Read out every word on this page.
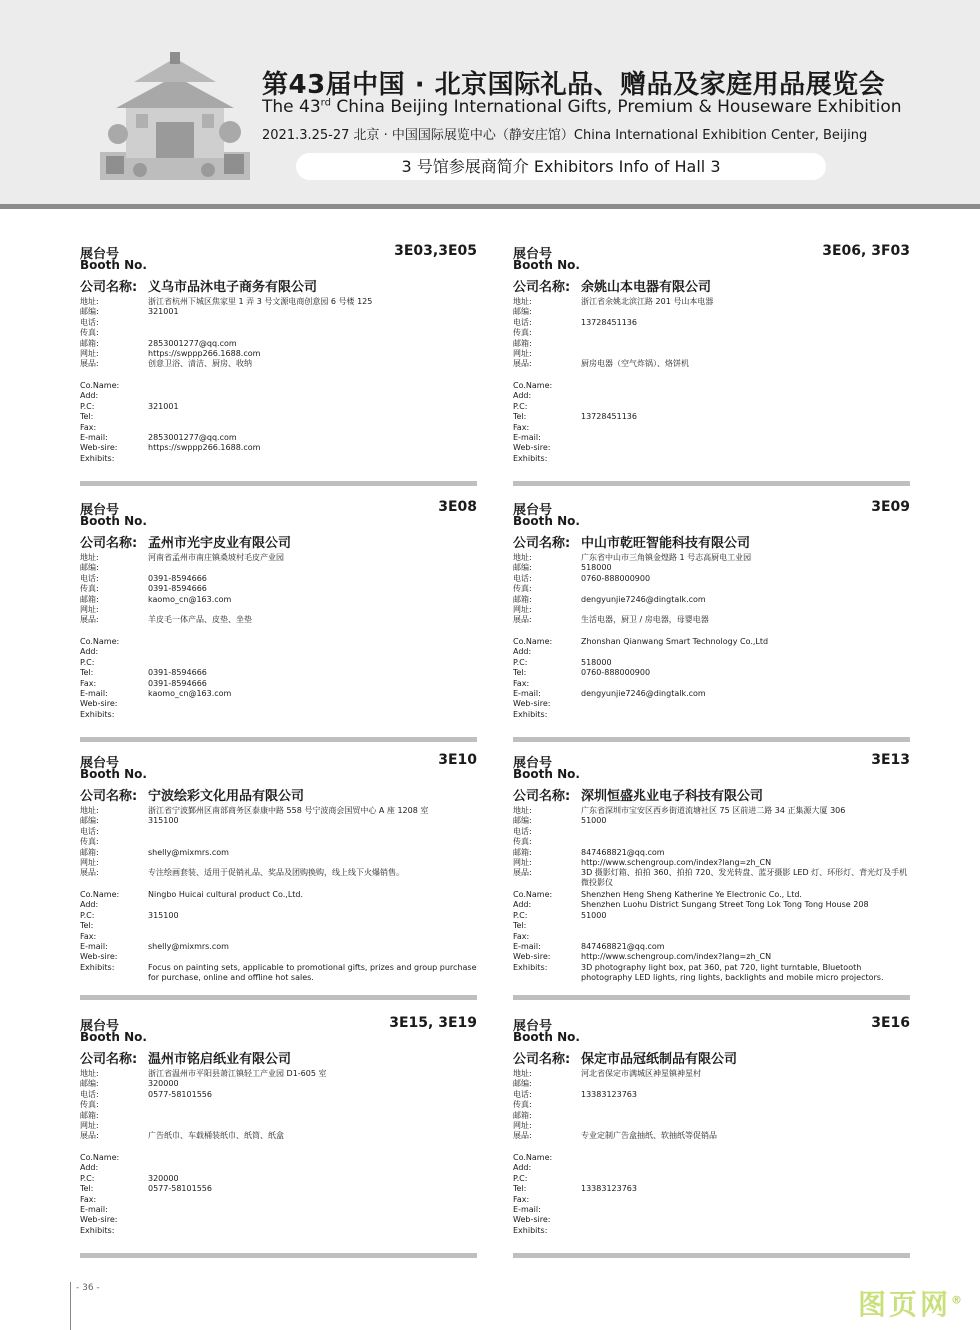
第43届中国 · 北京国际礼品、赠品及家庭用品展览会
The 43rd China Beijing International Gifts, Premium & Houseware Exhibition
2021.3.25-27 北京 · 中国国际展览中心（静安庄馆）China International Exhibition Center, Beijing
3 号馆参展商简介 Exhibitors Info of Hall 3
展台号
Booth No.
3E03,3E05
公司名称: 义乌市品沐电子商务有限公司
地址:	浙江省杭州下城区焦家里 1 弄 3 号文源电商创意园 6 号楼 125
邮编:	321001
电话:
传真:
邮箱:	2853001277@qq.com
网址:	https://swppp266.1688.com
展品:	创意卫浴、清洁、厨房、收纳
Co.Name:
Add:
P.C:	321001
Tel:
Fax:
E-mail:	2853001277@qq.com
Web-sire:	https://swppp266.1688.com
Exhibits:
展台号
Booth No.
3E06, 3F03
公司名称: 余姚山本电器有限公司
地址:	浙江省余姚北滨江路 201 号山本电器
邮编:
电话:	13728451136
传真:
邮箱:
网址:
展品:	厨房电器（空气炸锅）、烙饼机
Co.Name:
Add:
P.C:
Tel:	13728451136
Fax:
E-mail:
Web-sire:
Exhibits:
展台号
Booth No.
3E08
公司名称: 孟州市光宇皮业有限公司
地址:	河南省孟州市南庄镇桑坡村毛皮产业园
邮编:
电话:	0391-8594666
传真:	0391-8594666
邮箱:	kaomo_cn@163.com
网址:
展品:	羊皮毛一体产品、皮垫、坐垫
Co.Name:
Add:
P.C:
Tel:	0391-8594666
Fax:	0391-8594666
E-mail:	kaomo_cn@163.com
Web-sire:
Exhibits:
展台号
Booth No.
3E09
公司名称: 中山市乾旺智能科技有限公司
地址:	广东省中山市三角镇金煌路 1 号志高厨电工业园
邮编:	518000
电话:	0760-888000900
传真:
邮箱:	dengyunjie7246@dingtalk.com
网址:
展品:	生活电器，厨卫 / 房电器，母婴电器
Co.Name:	Zhonshan Qianwang Smart Technology Co.,Ltd
Add:
P.C:	518000
Tel:	0760-888000900
Fax:
E-mail:	dengyunjie7246@dingtalk.com
Web-sire:
Exhibits:
展台号
Booth No.
3E10
公司名称: 宁波绘彩文化用品有限公司
地址:	浙江省宁波鄞州区南部商务区泰康中路 558 号宁波商会国贸中心 A 座 1208 室
邮编:	315100
电话:
传真:
邮箱:	shelly@mixmrs.com
网址:
展品:	专注绘画套装、适用于促销礼品、奖品及团购换购，线上线下火爆销售。
Co.Name:	Ningbo Huicai cultural product Co.,Ltd.
Add:
P.C:	315100
Tel:
Fax:
E-mail:	shelly@mixmrs.com
Web-sire:
Exhibits:	Focus on painting sets, applicable to promotional gifts, prizes and group purchase for purchase, online and offline hot sales.
展台号
Booth No.
3E13
公司名称: 深圳恒盛兆业电子科技有限公司
地址:	广东省深圳市宝安区西乡街道流塘社区 75 区前进二路 34 正集源大厦 306
邮编:	51000
电话:
传真:
邮箱:	847468821@qq.com
网址:	http://www.schengroup.com/index?lang=zh_CN
展品:	3D 摄影灯箱、拍拍 360、拍拍 720、发光转盘、蓝牙摄影 LED 灯、环形灯、背光灯及手机微投影仪
Co.Name:	Shenzhen Heng Sheng Katherine Ye Electronic Co., Ltd.
Add:	Shenzhen Luohu District Sungang Street Tong Lok Tong Tong House 208
P.C:	51000
Tel:
Fax:
E-mail:	847468821@qq.com
Web-sire:	http://www.schengroup.com/index?lang=zh_CN
Exhibits:	3D photography light box, pat 360, pat 720, light turntable, Bluetooth photography LED lights, ring lights, backlights and mobile micro projectors.
展台号
Booth No.
3E15, 3E19
公司名称: 温州市铭启纸业有限公司
地址:	浙江省温州市平阳县萧江镇轻工产业园 D1-605 室
邮编:	320000
电话:	0577-58101556
传真:
邮箱:
网址:
展品:	广告纸巾、车载桶装纸巾、纸筒、纸盒
Co.Name:
Add:
P.C:	320000
Tel:	0577-58101556
Fax:
E-mail:
Web-sire:
Exhibits:
展台号
Booth No.
3E16
公司名称: 保定市品冠纸制品有限公司
地址:	河北省保定市满城区神星镇神星村
邮编:
电话:	13383123763
传真:
邮箱:
网址:
展品:	专业定制广告盒抽纸、软抽纸等促销品
Co.Name:
Add:
P.C:
Tel:	13383123763
Fax:
E-mail:
Web-sire:
Exhibits:
- 36 -	图页网®
